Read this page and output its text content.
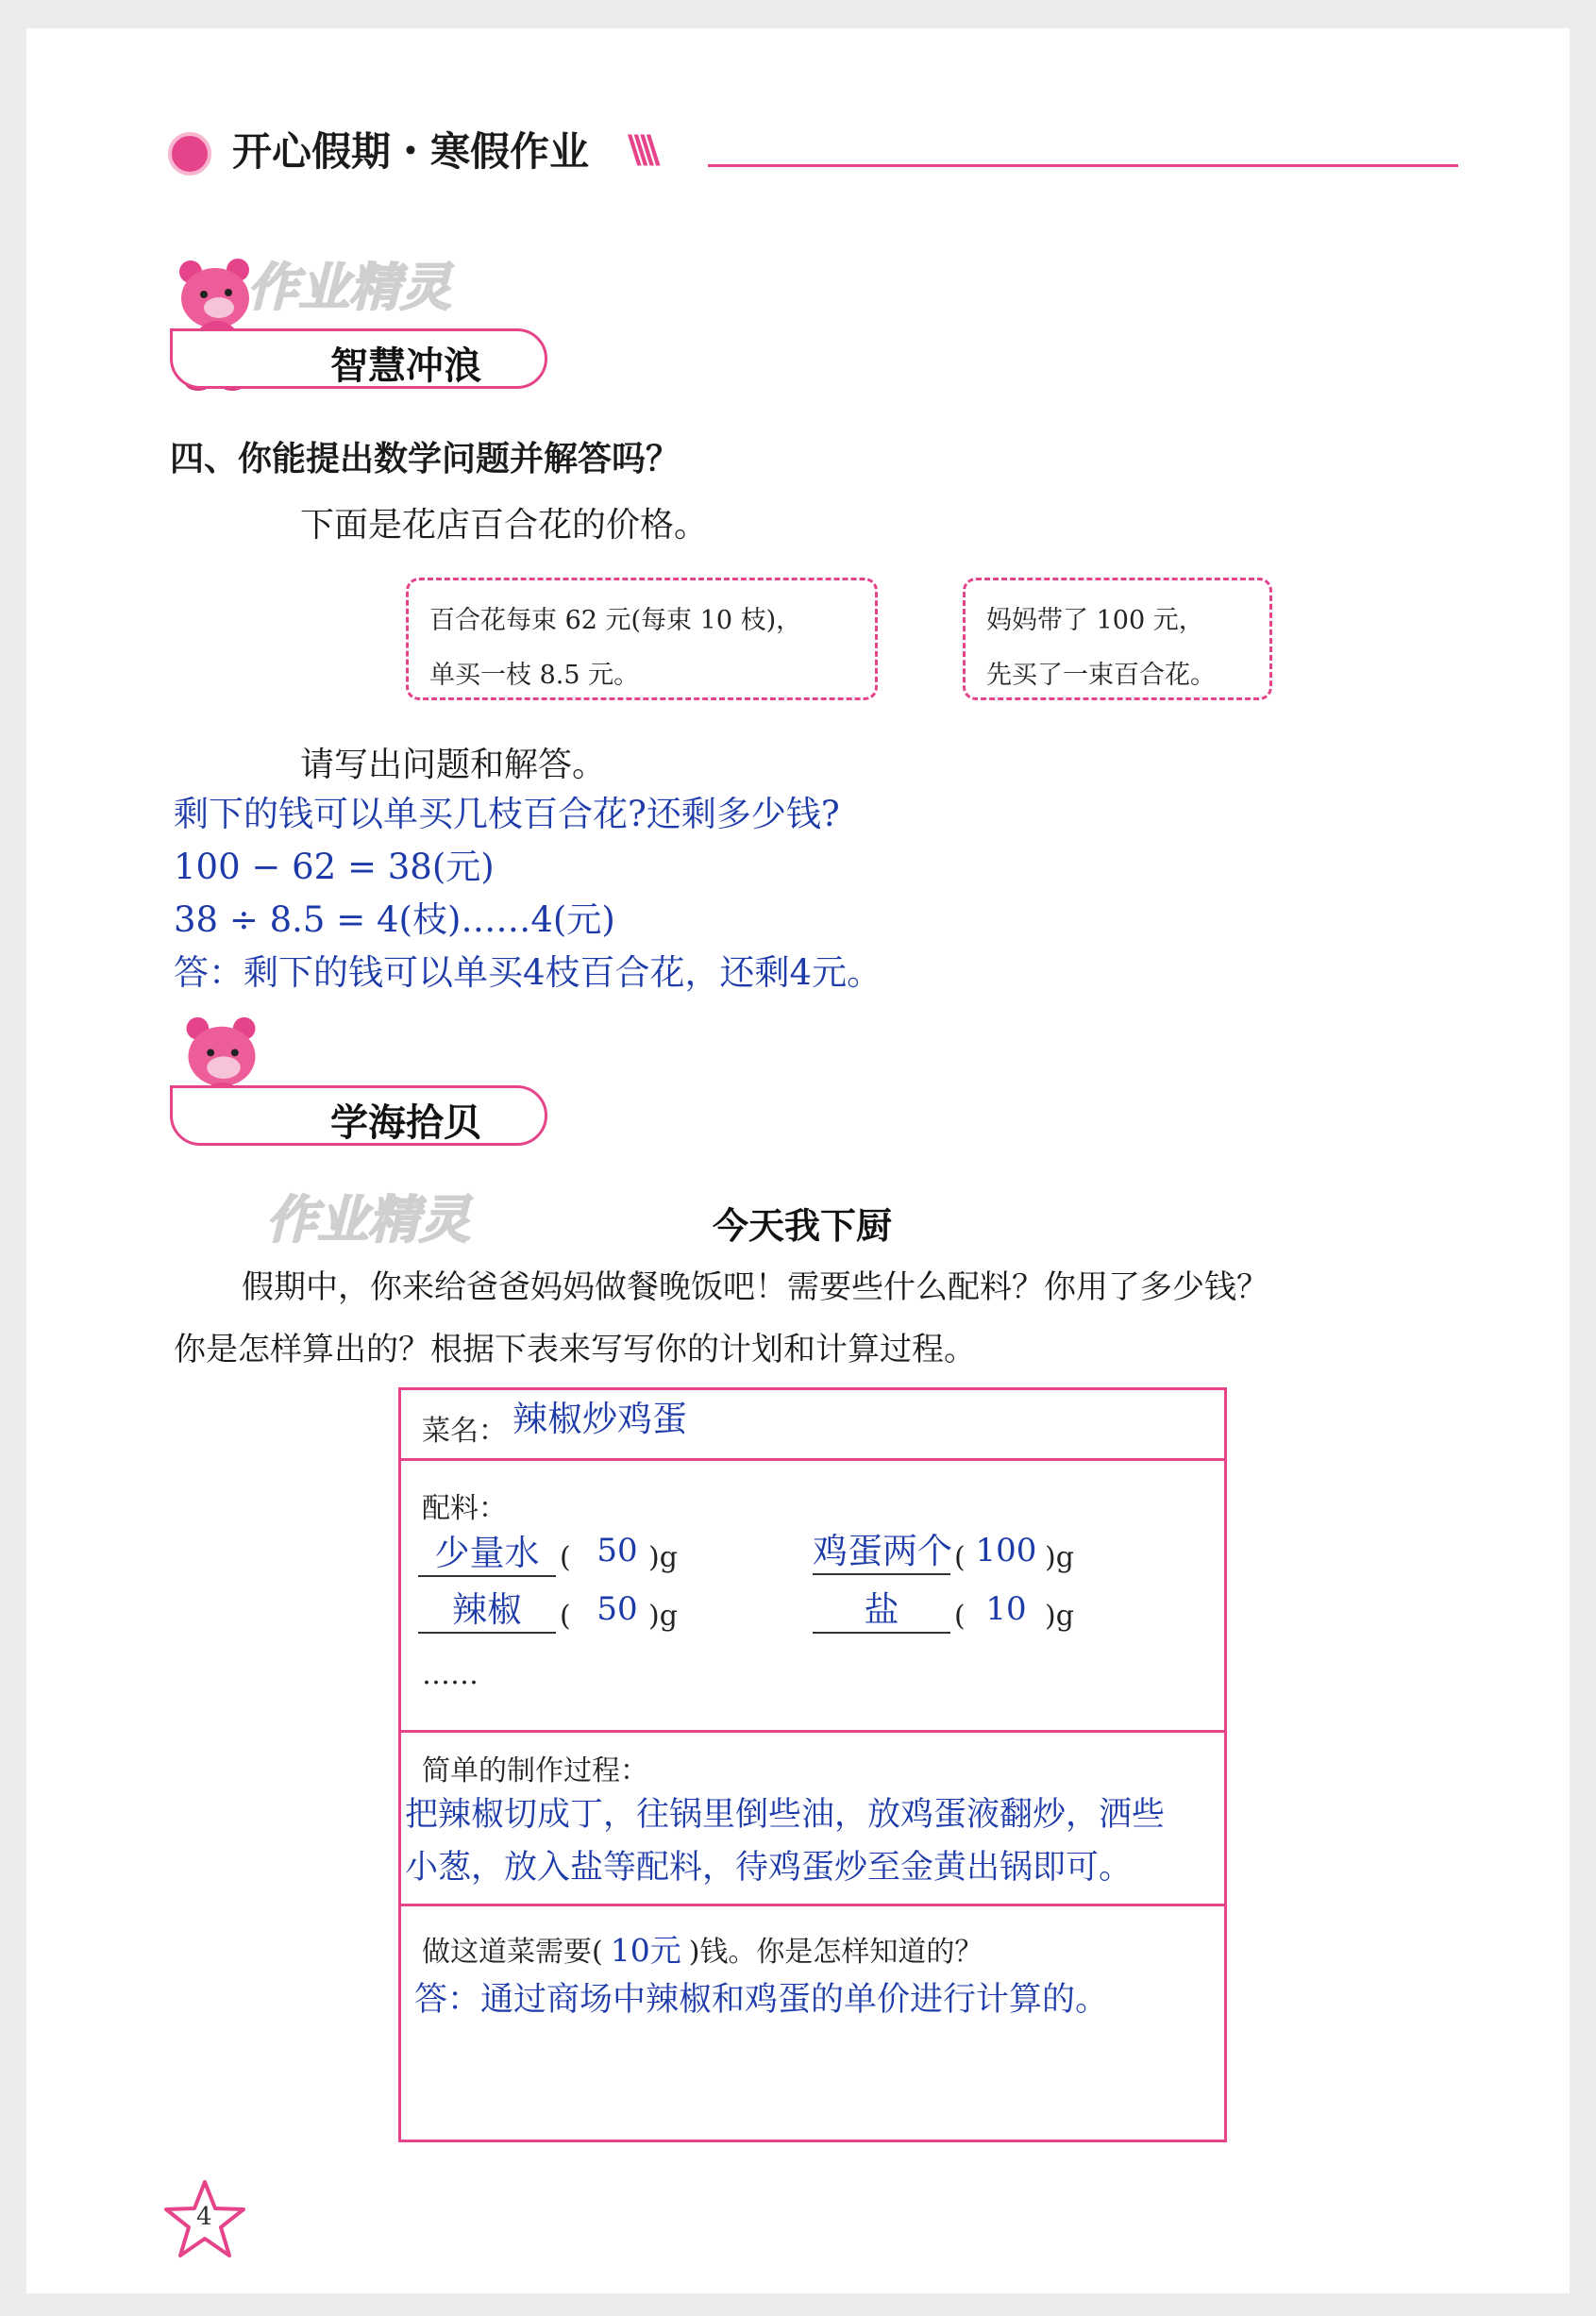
开心假期・寒假作业 \\\\
智慧冲浪
作业精灵
四、你能提出数学问题并解答吗？
下面是花店百合花的价格。
百合花每束 62 元(每束 10 枝)，
单买一枝 8.5 元。
妈妈带了 100 元，
先买了一束百合花。
请写出问题和解答。
剩下的钱可以单买几枝百合花?还剩多少钱?
100 − 62 = 38(元)
38 ÷ 8.5 = 4(枝)……4(元)
答：剩下的钱可以单买4枝百合花，还剩4元。
学海拾贝
作业精灵	今天我下厨
假期中，你来给爸爸妈妈做餐晚饭吧！需要些什么配料？你用了多少钱？
你是怎样算出的？根据下表来写写你的计划和计算过程。
菜名： 辣椒炒鸡蛋
配料：
少量水 ( 50 )g	鸡蛋两个 ( 100 )g
辣椒	( 50 )g	盐	( 10 )g
……
简单的制作过程：
把辣椒切成丁，往锅里倒些油，放鸡蛋液翻炒，洒些
小葱，放入盐等配料，待鸡蛋炒至金黄出锅即可。
做这道菜需要( 10元 )钱。你是怎样知道的？
答：通过商场中辣椒和鸡蛋的单价进行计算的。
4
